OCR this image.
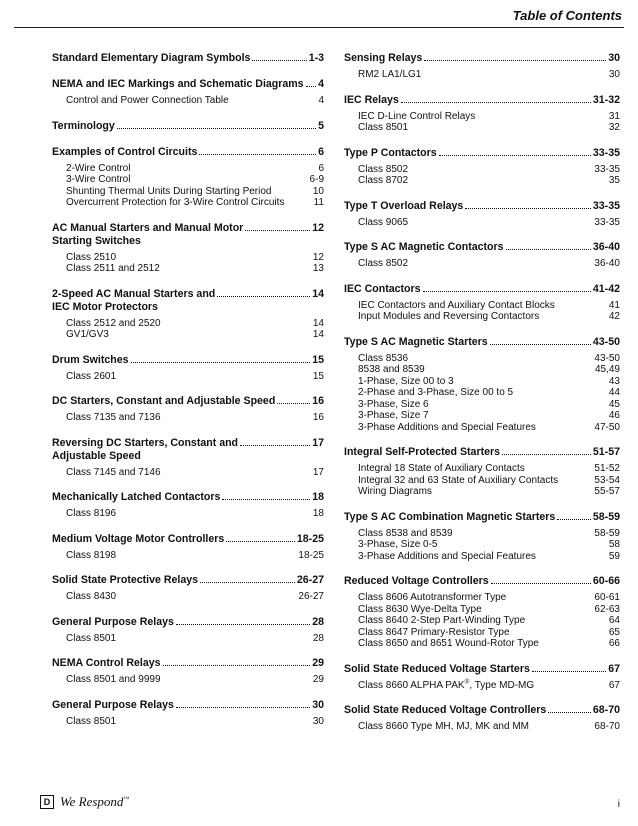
Table of Contents
Standard Elementary Diagram Symbols	1-3
NEMA and IEC Markings and Schematic Diagrams 4
Control and Power Connection Table	4
Terminology	5
Examples of Control Circuits	6
2-Wire Control	6
3-Wire Control	6-9
Shunting Thermal Units During Starting Period	10
Overcurrent Protection for 3-Wire Control Circuits	11
AC Manual Starters and Manual Motor
Starting Switches
12
Class 2510	12
Class 2511 and 2512	13
2-Speed AC Manual Starters and
IEC Motor Protectors
14
Class 2512 and 2520	14
GV1/GV3	14
Drum Switches	15
Class 2601	15
DC Starters, Constant and Adjustable Speed	16
Class 7135 and 7136	16
Reversing DC Starters, Constant and
Adjustable Speed
17
Class 7145 and 7146	17
Mechanically Latched Contactors	18
Class 8196	18
Medium Voltage Motor Controllers	18-25
Class 8198	18-25
Solid State Protective Relays	26-27
Class 8430	26-27
General Purpose Relays	28
Class 8501	28
NEMA Control Relays	29
Class 8501 and 9999	29
General Purpose Relays	30
Class 8501	30
Sensing Relays	30
RM2 LA1/LG1	30
IEC Relays	31-32
IEC D-Line Control Relays	31
Class 8501	32
Type P Contactors	33-35
Class 8502	33-35
Class 8702	35
Type T Overload Relays	33-35
Class 9065	33-35
Type S AC Magnetic Contactors	36-40
Class 8502	36-40
IEC Contactors	41-42
IEC Contactors and Auxiliary Contact Blocks	41
Input Modules and Reversing Contactors	42
Type S AC Magnetic Starters	43-50
Class 8536	43-50
8538 and 8539	45,49
1-Phase, Size 00 to 3	43
2-Phase and 3-Phase, Size 00 to 5	44
3-Phase, Size 6	45
3-Phase, Size 7	46
3-Phase Additions and Special Features	47-50
Integral Self-Protected Starters	51-57
Integral 18 State of Auxiliary Contacts	51-52
Integral 32 and 63 State of Auxiliary Contacts	53-54
Wiring Diagrams	55-57
Type S AC Combination Magnetic Starters	58-59
Class 8538 and 8539	58-59
3-Phase, Size 0-5	58
3-Phase Additions and Special Features	59
Reduced Voltage Controllers	60-66
Class 8606 Autotransformer Type	60-61
Class 8630 Wye-Delta Type	62-63
Class 8640 2-Step Part-Winding Type	64
Class 8647 Primary-Resistor Type	65
Class 8650 and 8651 Wound-Rotor Type	66
Solid State Reduced Voltage Starters	67
Class 8660 ALPHA PAK®, Type MD-MG	67
Solid State Reduced Voltage Controllers	68-70
Class 8660 Type MH, MJ, MK and MM	68-70
D We Respond™	i
